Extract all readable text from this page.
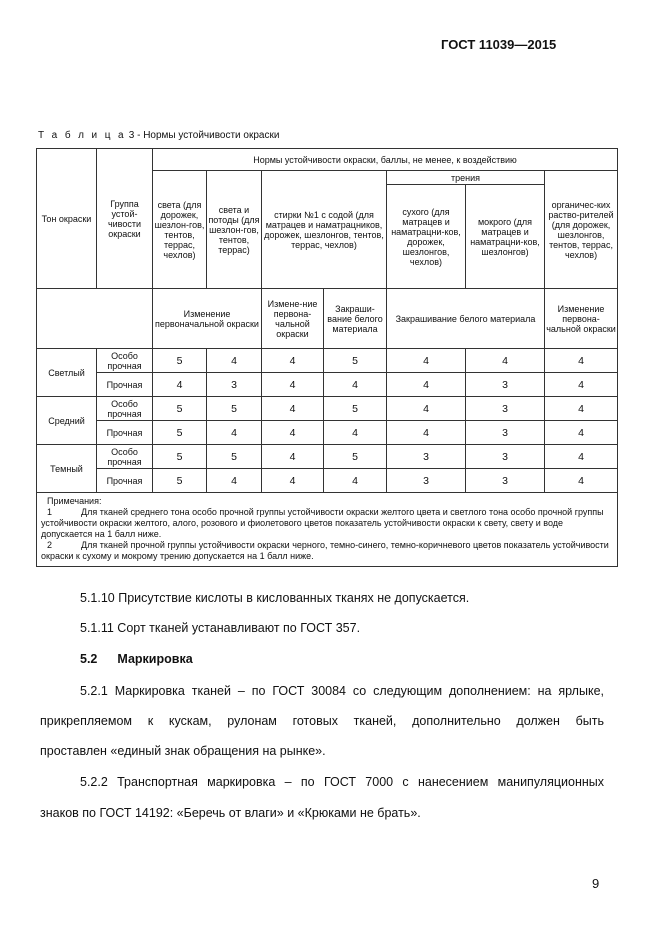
ГОСТ 11039—2015
Т а б л и ц а 3 - Нормы устойчивости окраски
Тон окраски	Группа устой-чивости окраски	Нормы устойчивости окраски, баллы, не менее, к воздействию						
		света (для дорожек, шезлон-гов, тентов, террас, чехлов)	света и потоды (для шезлон-гов, тентов, террас)	стирки №1 с содой (для матрацев и наматрацников, дорожек, шезлонгов, тентов, террас, чехлов)		трения		органичес-ких раство-рителей (для дорожек, шезлонгов, тентов, террас, чехлов)
						сухого (для матрацев и наматрацни-ков, дорожек, шезлонгов, чехлов)	мокрого (для матрацев и наматрацни-ков, шезлонгов)	
		Изменение первоначальной окраски		Измене-ние первона-чальной окраски	Закраши-вание белого материала	Закрашивание белого материала		Изменение первона-чальной окраски
Светлый	Особо прочная	5	4	4	5	4	4	4
	Прочная	4	3	4	4	4	3	4
Средний	Особо прочная	5	5	4	5	4	3	4
	Прочная	5	4	4	4	4	3	4
Темный	Особо прочная	5	5	4	5	3	3	4
	Прочная	5	4	4	4	3	3	4

Примечания:
1 Для тканей среднего тона особо прочной группы устойчивости окраски желтого цвета и светлого тона особо прочной группы устойчивости окраски желтого, алого, розового и фиолетового цветов показатель устойчивости окраски к свету, свету и воде допускается на 1 балл ниже.
2 Для тканей прочной группы устойчивости окраски черного, темно-синего, темно-коричневого цветов показатель устойчивости окраски к сухому и мокрому трению допускается на 1 балл ниже.								
5.1.10 Присутствие кислоты в кислованных тканях не допускается.
5.1.11 Сорт тканей устанавливают по ГОСТ 357.
5.2 Маркировка
5.2.1 Маркировка тканей – по ГОСТ 30084 со следующим дополнением: на ярлыке,
прикрепляемом к кускам, рулонам готовых тканей, дополнительно должен быть
проставлен «единый знак обращения на рынке».
5.2.2 Транспортная маркировка – по ГОСТ 7000 с нанесением манипуляционных
знаков по ГОСТ 14192: «Беречь от влаги» и «Крюками не брать».
9
